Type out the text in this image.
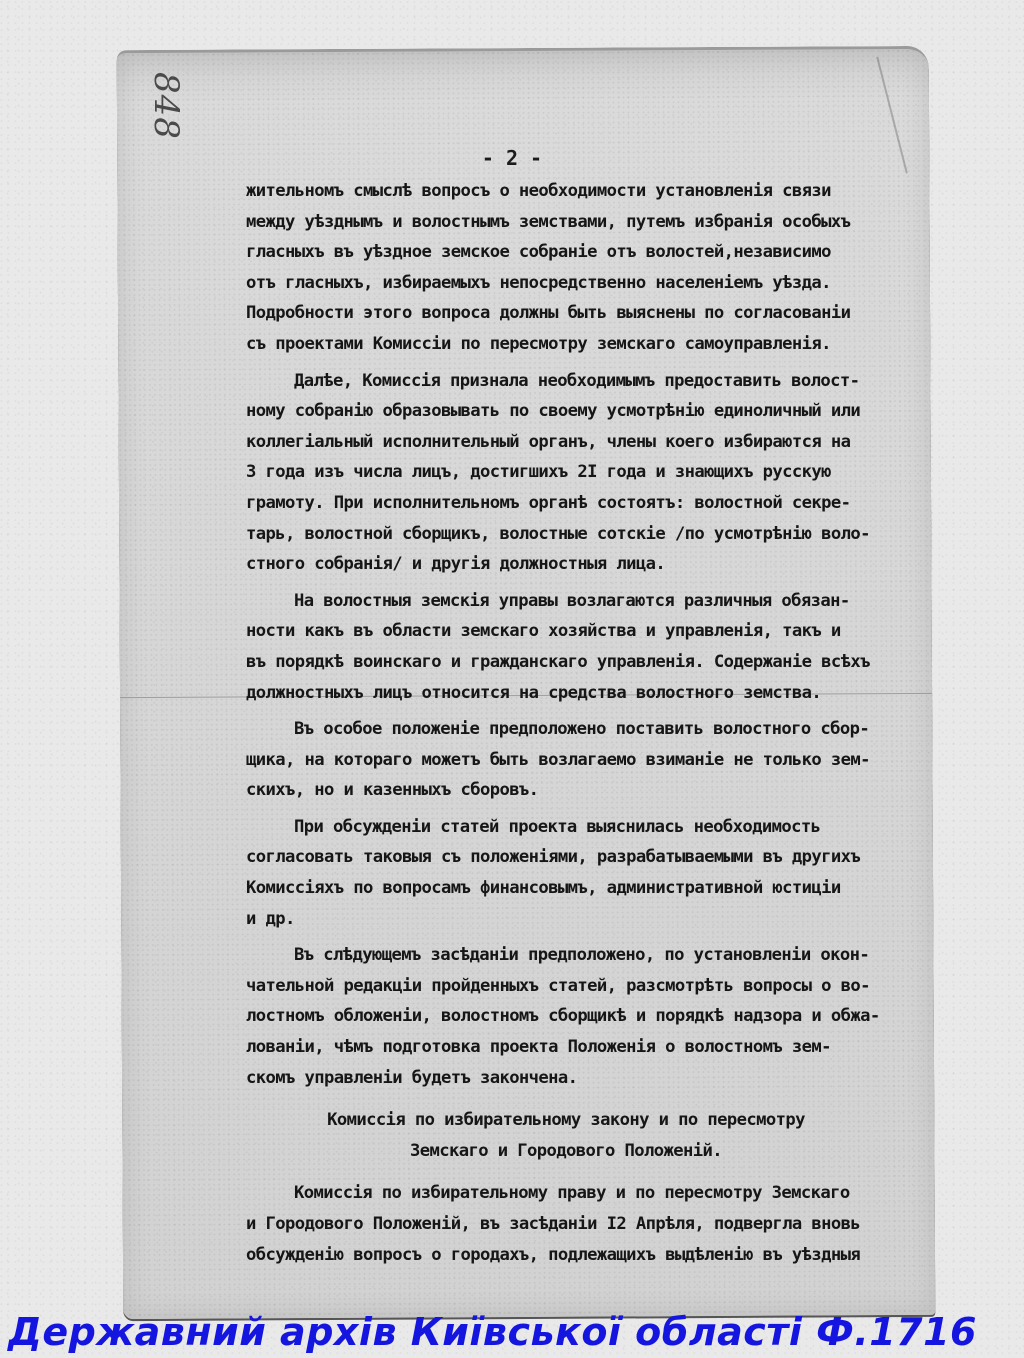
848
- 2 -
жительномъ смыслѣ вопросъ о необходимости установленія связи
между уѣзднымъ и волостнымъ земствами, путемъ избранія особыхъ
гласныхъ въ уѣздное земское собраніе отъ волостей,независимо
отъ гласныхъ, избираемыхъ непосредственно населеніемъ уѣзда.
Подробности этого вопроса должны быть выяснены по согласованіи
съ проектами Комиссіи по пересмотру земскаго самоуправленія.
Далѣе, Комиссія признала необходимымъ предоставить волост-
ному собранію образовывать по своему усмотрѣнію единоличный или
коллегіальный исполнительный органъ, члены коего избираются на
3 года изъ числа лицъ, достигшихъ 2I года и знающихъ русскую
грамоту. При исполнительномъ органѣ состоятъ: волостной секре-
тарь, волостной сборщикъ, волостные сотскіе /по усмотрѣнію воло-
стного собранія/ и другія должностныя лица.
На волостныя земскія управы возлагаются различныя обязан-
ности какъ въ области земскаго хозяйства и управленія, такъ и
въ порядкѣ воинскаго и гражданскаго управленія. Содержаніе всѣхъ
должностныхъ лицъ относится на средства волостного земства.
Въ особое положеніе предположено поставить волостного сбор-
щика, на котораго можетъ быть возлагаемо взиманіе не только зем-
скихъ, но и казенныхъ сборовъ.
При обсужденіи статей проекта выяснилась необходимость
согласовать таковыя съ положеніями, разрабатываемыми въ другихъ
Комиссіяхъ по вопросамъ финансовымъ, административной юстиціи
и др.
Въ слѣдующемъ засѣданіи предположено, по установленіи окон-
чательной редакціи пройденныхъ статей, разсмотрѣть вопросы о во-
лостномъ обложеніи, волостномъ сборщикѣ и порядкѣ надзора и обжа-
лованіи, чѣмъ подготовка проекта Положенія о волостномъ зем-
скомъ управленіи будетъ закончена.
Комиссія по избирательному закону и по пересмотру
Земскаго и Городового Положеній.
Комиссія по избирательному праву и по пересмотру Земскаго
и Городового Положеній, въ засѣданіи I2 Апрѣля, подвергла вновь
обсужденію вопросъ о городахъ, подлежащихъ выдѣленію въ уѣздныя
Державний архів Київської області Ф.1716
